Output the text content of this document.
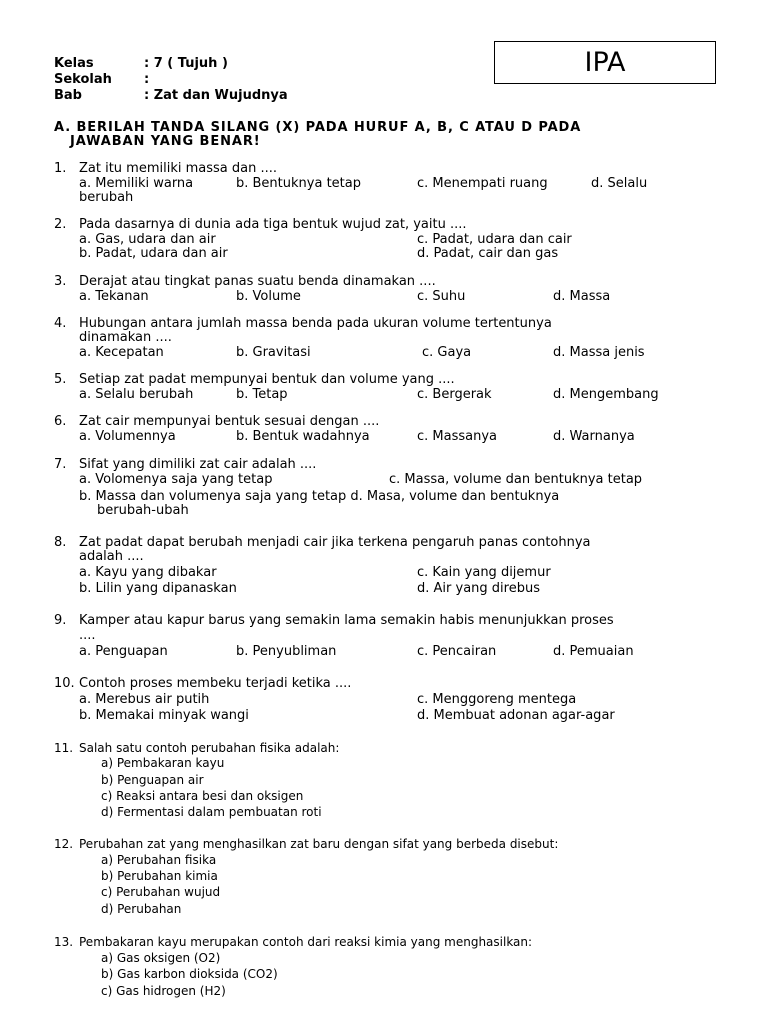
Kelas	: 7 ( Tujuh )
Sekolah :
Bab	: Zat dan Wujudnya
IPA
A. BERILAH TANDA SILANG (X) PADA HURUF A, B, C ATAU D PADA
JAWABAN YANG BENAR!
1. Zat itu memiliki massa dan ....
a. Memiliki warna	b. Bentuknya tetap	c. Menempati ruang	d. Selalu
berubah
2. Pada dasarnya di dunia ada tiga bentuk wujud zat, yaitu ....
a. Gas, udara dan air	c. Padat, udara dan cair
b. Padat, udara dan air	d. Padat, cair dan gas
3. Derajat atau tingkat panas suatu benda dinamakan ....
a. Tekanan	b. Volume	c. Suhu	d. Massa
4. Hubungan antara jumlah massa benda pada ukuran volume tertentunya
dinamakan ....
a. Kecepatan	b. Gravitasi	c. Gaya	d. Massa jenis
5. Setiap zat padat mempunyai bentuk dan volume yang ....
a. Selalu berubah	b. Tetap	c. Bergerak	d. Mengembang
6. Zat cair mempunyai bentuk sesuai dengan ....
a. Volumennya	b. Bentuk wadahnya	c. Massanya	d. Warnanya
7. Sifat yang dimiliki zat cair adalah ....
a. Volomenya saja yang tetap	c. Massa, volume dan bentuknya tetap
b. Massa dan volumenya saja yang tetap d. Masa, volume dan bentuknya
berubah-ubah
8. Zat padat dapat berubah menjadi cair jika terkena pengaruh panas contohnya
adalah ....
a. Kayu yang dibakar	c. Kain yang dijemur
b. Lilin yang dipanaskan	d. Air yang direbus
9. Kamper atau kapur barus yang semakin lama semakin habis menunjukkan proses
....
a. Penguapan	b. Penyubliman	c. Pencairan	d. Pemuaian
10. Contoh proses membeku terjadi ketika ....
a. Merebus air putih	c. Menggoreng mentega
b. Memakai minyak wangi	d. Membuat adonan agar-agar
11. Salah satu contoh perubahan fisika adalah:
a) Pembakaran kayu
b) Penguapan air
c) Reaksi antara besi dan oksigen
d) Fermentasi dalam pembuatan roti
12. Perubahan zat yang menghasilkan zat baru dengan sifat yang berbeda disebut:
a) Perubahan fisika
b) Perubahan kimia
c) Perubahan wujud
d) Perubahan
13. Pembakaran kayu merupakan contoh dari reaksi kimia yang menghasilkan:
a) Gas oksigen (O2)
b) Gas karbon dioksida (CO2)
c) Gas hidrogen (H2)
